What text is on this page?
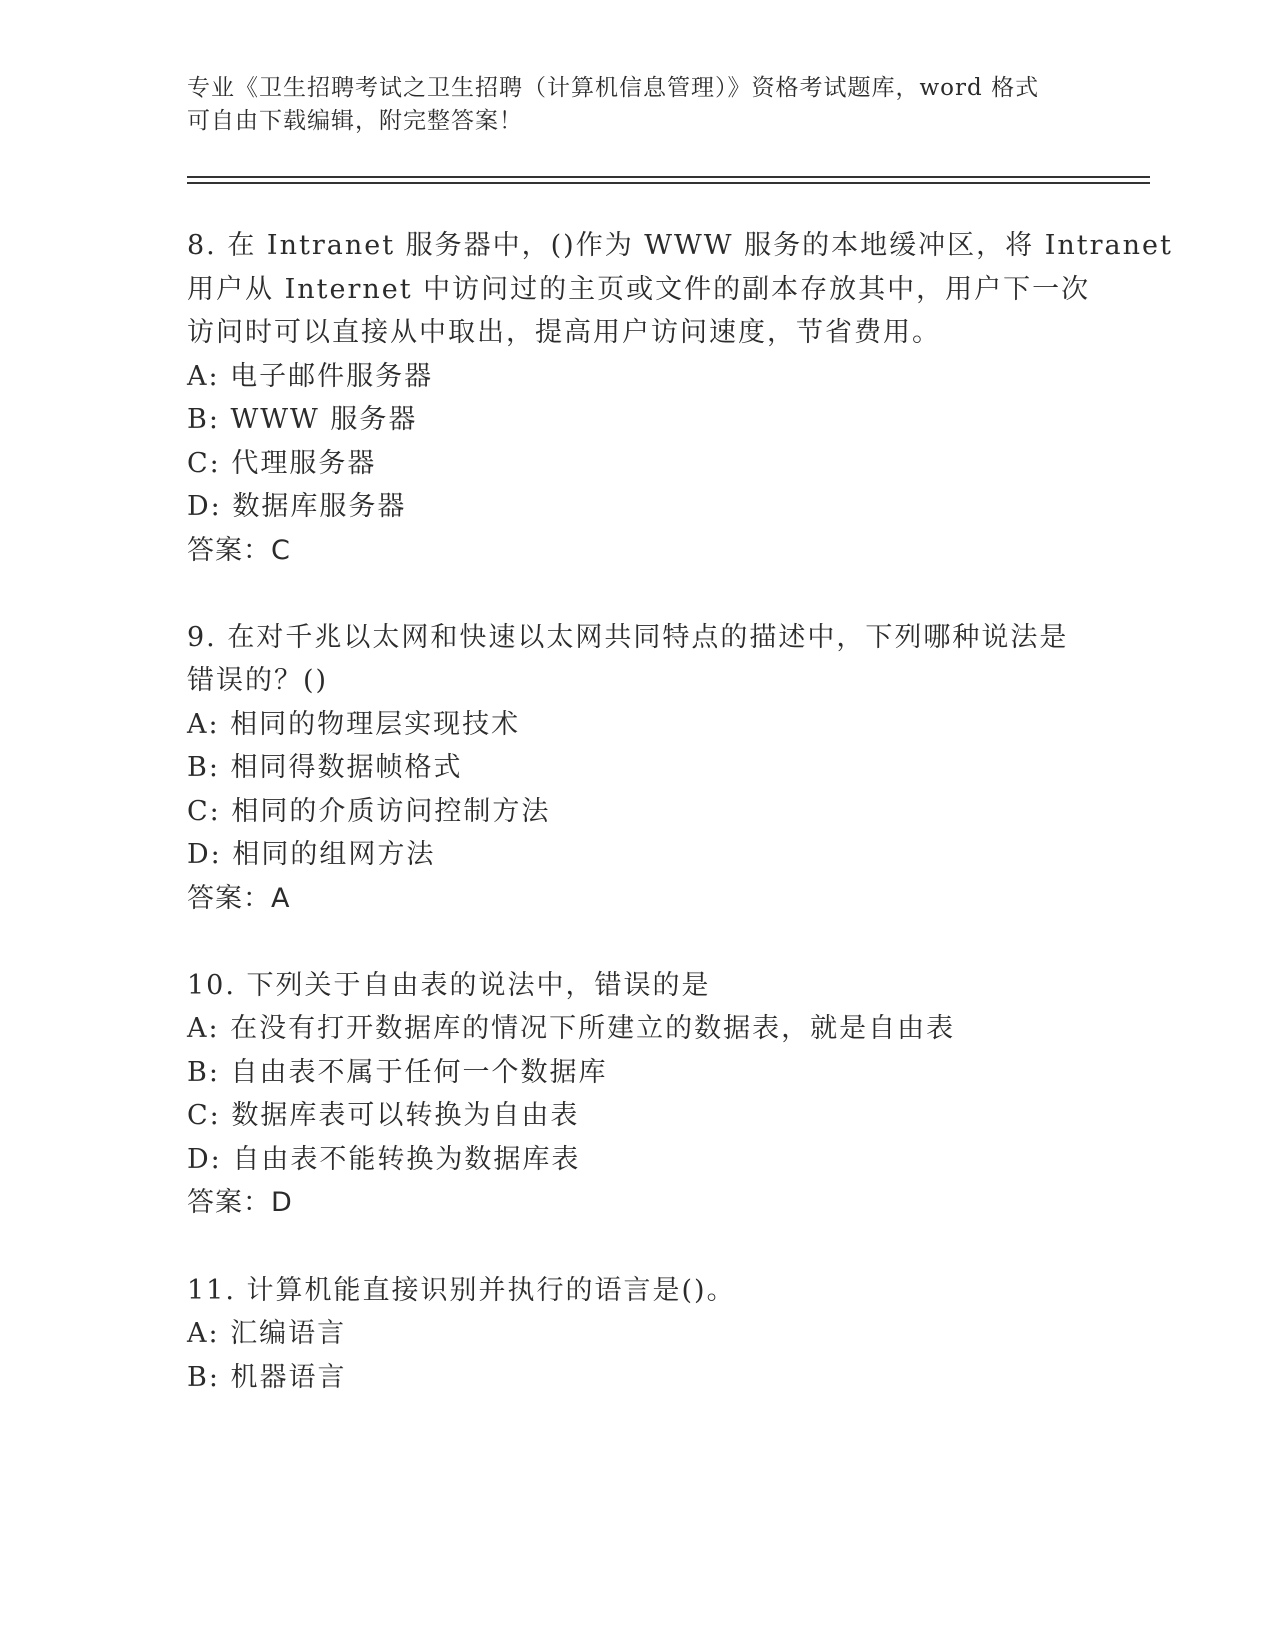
专业《卫生招聘考试之卫生招聘（计算机信息管理）》资格考试题库，word 格式
可自由下载编辑，附完整答案！
8. 在 Intranet 服务器中，()作为 WWW 服务的本地缓冲区，将 Intranet
用户从 Internet 中访问过的主页或文件的副本存放其中，用户下一次
访问时可以直接从中取出，提高用户访问速度，节省费用。
A: 电子邮件服务器
B: WWW 服务器
C: 代理服务器
D: 数据库服务器
答案：C
9. 在对千兆以太网和快速以太网共同特点的描述中，下列哪种说法是
错误的？()
A: 相同的物理层实现技术
B: 相同得数据帧格式
C: 相同的介质访问控制方法
D: 相同的组网方法
答案：A
10. 下列关于自由表的说法中，错误的是
A: 在没有打开数据库的情况下所建立的数据表，就是自由表
B: 自由表不属于任何一个数据库
C: 数据库表可以转换为自由表
D: 自由表不能转换为数据库表
答案：D
11. 计算机能直接识别并执行的语言是()。
A: 汇编语言
B: 机器语言
